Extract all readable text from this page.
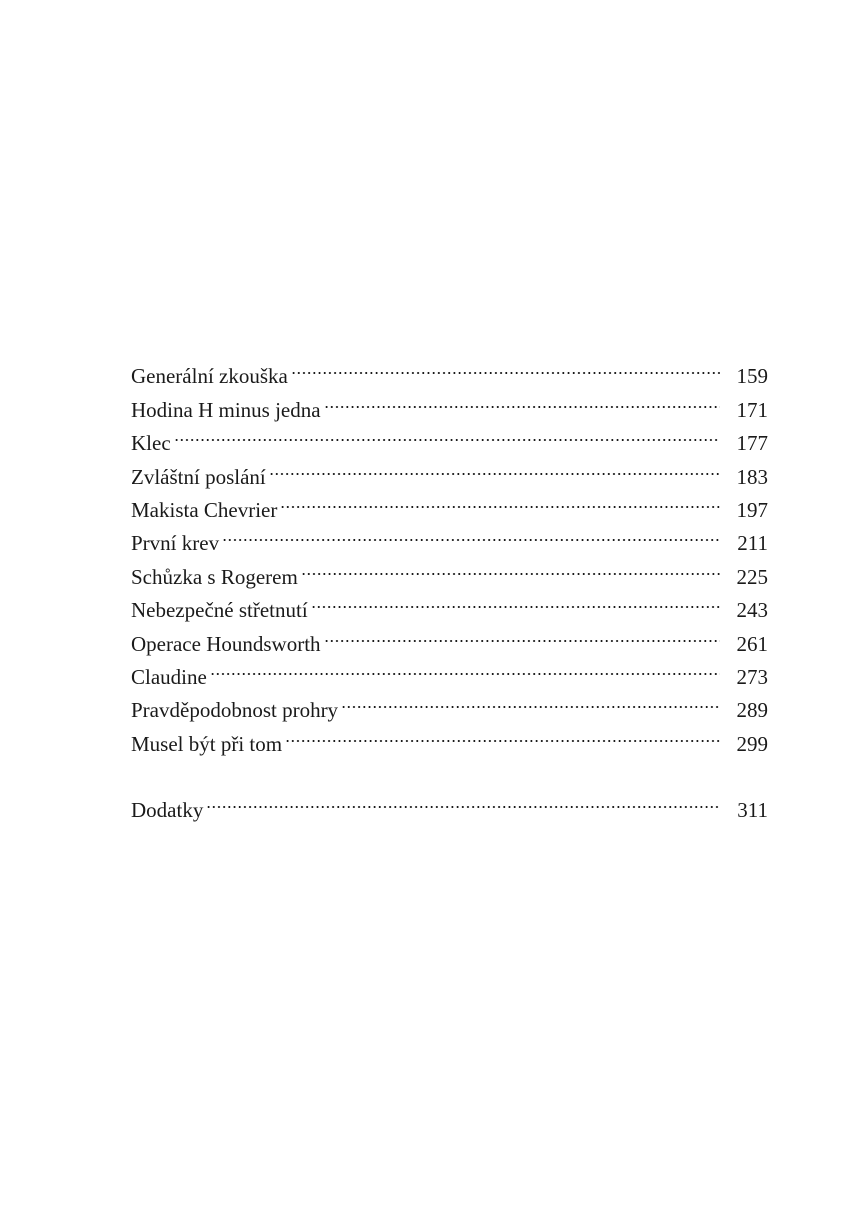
Generální zkouška	159
Hodina H minus jedna	171
Klec	177
Zvláštní poslání	183
Makista Chevrier	197
První krev	211
Schůzka s Rogerem	225
Nebezpečné střetnutí	243
Operace Houndsworth	261
Claudine	273
Pravděpodobnost prohry	289
Musel být při tom	299
Dodatky	311
